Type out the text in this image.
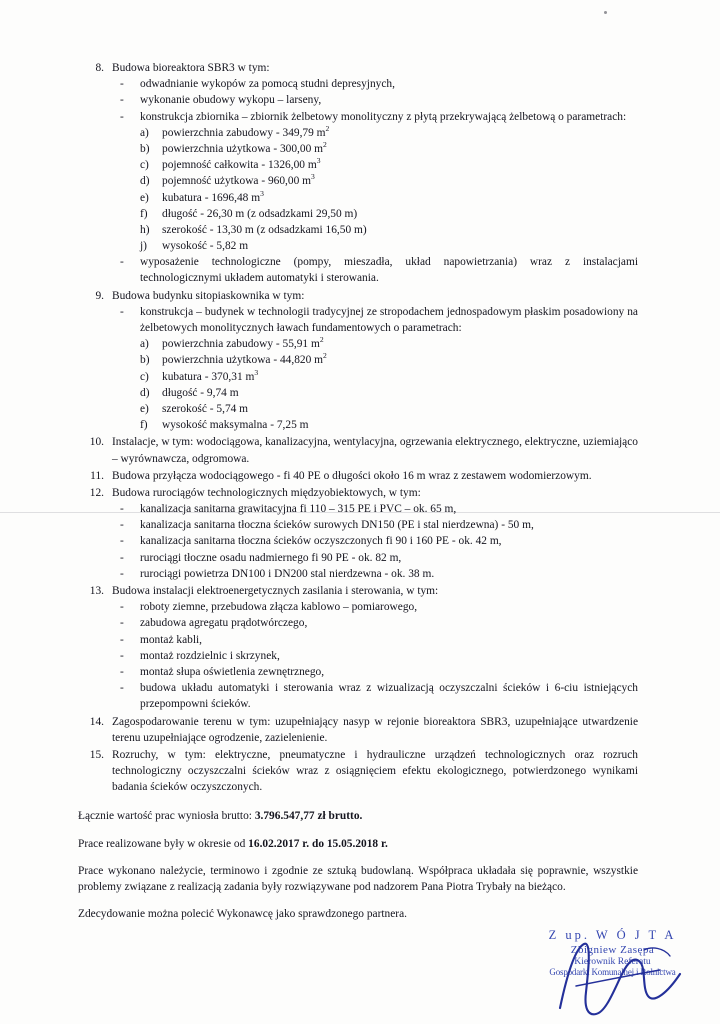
8. Budowa bioreaktora SBR3 w tym:
- odwadnianie wykopów za pomocą studni depresyjnych,
- wykonanie obudowy wykopu – larseny,
- konstrukcja zbiornika – zbiornik żelbetowy monolityczny z płytą przekrywającą żelbetową o parametrach:
a) powierzchnia zabudowy - 349,79 $m^2$
b) powierzchnia użytkowa - 300,00 $m^2$
c) pojemność całkowita - 1326,00 $m^3$
d) pojemność użytkowa - 960,00 $m^3$
e) kubatura - 1696,48 $m^3$
f) długość - 26,30 m (z odsadzkami 29,50 m)
h) szerokość - 13,30 m (z odsadzkami 16,50 m)
j) wysokość - 5,82 m
- wyposażenie technologiczne (pompy, mieszadła, układ napowietrzania) wraz z instalacjami technologicznymi układem automatyki i sterowania.
9. Budowa budynku sitopiaskownika w tym:
- konstrukcja – budynek w technologii tradycyjnej ze stropodachem jednospadowym płaskim posadowiony na żelbetowych monolitycznych ławach fundamentowych o parametrach:
a) powierzchnia zabudowy - 55,91 $m^2$
b) powierzchnia użytkowa - 44,820 $m^2$
c) kubatura - 370,31 $m^3$
d) długość - 9,74 m
e) szerokość - 5,74 m
f) wysokość maksymalna - 7,25 m
10. Instalacje, w tym: wodociągowa, kanalizacyjna, wentylacyjna, ogrzewania elektrycznego, elektryczne, uziemiająco – wyrównawcza, odgromowa.
11. Budowa przyłącza wodociągowego - fi 40 PE o długości około 16 m wraz z zestawem wodomierzowym.
12. Budowa rurociągów technologicznych międzyobiektowych, w tym:
- kanalizacja sanitarna grawitacyjna fi 110 – 315 PE i PVC – ok. 65 m,
- kanalizacja sanitarna tłoczna ścieków surowych DN150 (PE i stal nierdzewna) - 50 m,
- kanalizacja sanitarna tłoczna ścieków oczyszczonych fi 90 i 160 PE - ok. 42 m,
- rurociągi tłoczne osadu nadmiernego fi 90 PE - ok. 82 m,
- rurociągi powietrza DN100 i DN200 stal nierdzewna - ok. 38 m.
13. Budowa instalacji elektroenergetycznych zasilania i sterowania, w tym:
- roboty ziemne, przebudowa złącza kablowo – pomiarowego,
- zabudowa agregatu prądotwórczego,
- montaż kabli,
- montaż rozdzielnic i skrzynek,
- montaż słupa oświetlenia zewnętrznego,
- budowa układu automatyki i sterowania wraz z wizualizacją oczyszczalni ścieków i 6-ciu istniejących przepompowni ścieków.
14. Zagospodarowanie terenu w tym: uzupełniający nasyp w rejonie bioreaktora SBR3, uzupełniające utwardzenie terenu uzupełniające ogrodzenie, zazielenienie.
15. Rozruchy, w tym: elektryczne, pneumatyczne i hydrauliczne urządzeń technologicznych oraz rozruch technologiczny oczyszczalni ścieków wraz z osiągnięciem efektu ekologicznego, potwierdzonego wynikami badania ścieków oczyszczonych.
Łącznie wartość prac wyniosła brutto: 3.796.547,77 zł brutto.
Prace realizowane były w okresie od 16.02.2017 r. do 15.05.2018 r.
Prace wykonano należycie, terminowo i zgodnie ze sztuką budowlaną. Współpraca układała się poprawnie, wszystkie problemy związane z realizacją zadania były rozwiązywane pod nadzorem Pana Piotra Trybały na bieżąco.
Zdecydowanie można polecić Wykonawcę jako sprawdzonego partnera.
Z up. W Ó J T A
Zbigniew Zasępa
Kierownik Referatu
Gospodarki Komunalnej i Rolnictwa
